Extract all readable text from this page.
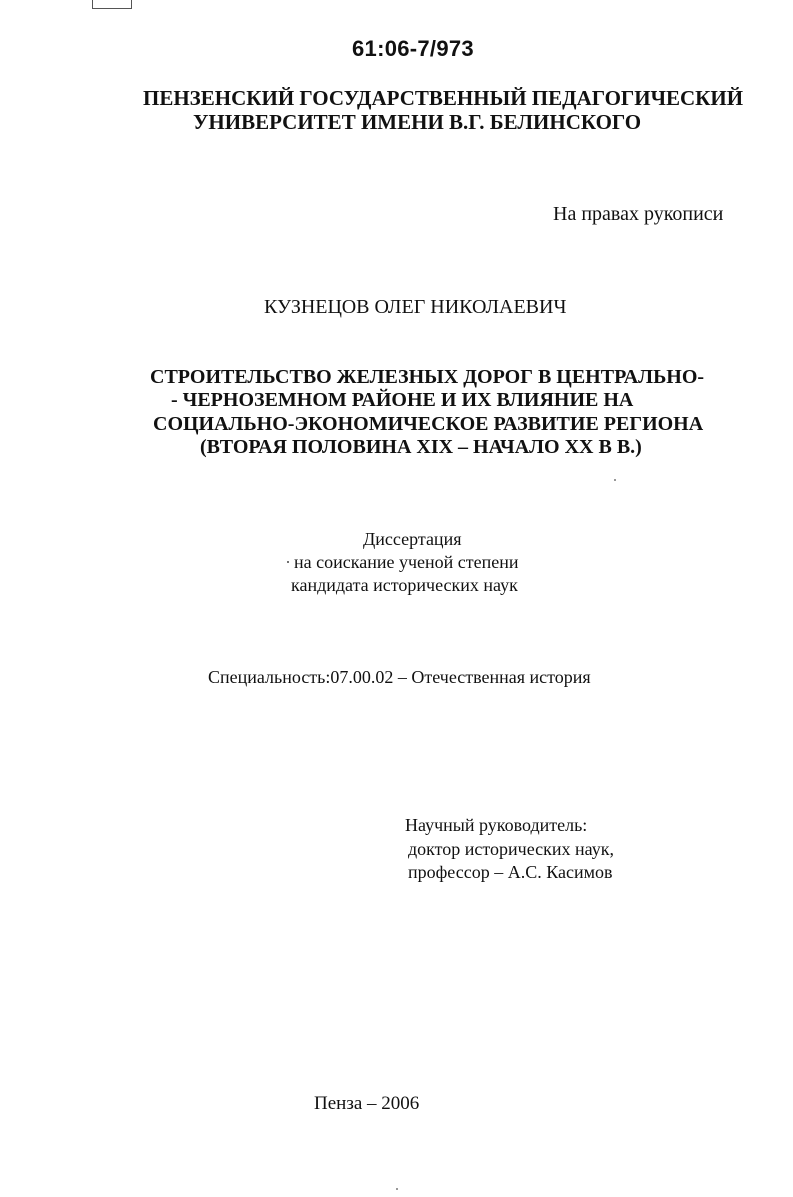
61:06-7/973

ПЕНЗЕНСКИЙ ГОСУДАРСТВЕННЫЙ ПЕДАГОГИЧЕСКИЙ

УНИВЕРСИТЕТ ИМЕНИ В.Г. БЕЛИНСКОГО

На правах рукописи

КУЗНЕЦОВ ОЛЕГ НИКОЛАЕВИЧ

СТРОИТЕЛЬСТВО ЖЕЛЕЗНЫХ ДОРОГ В ЦЕНТРАЛЬНО-

- ЧЕРНОЗЕМНОМ РАЙОНЕ И ИХ ВЛИЯНИЕ НА

СОЦИАЛЬНО-ЭКОНОМИЧЕСКОЕ РАЗВИТИЕ РЕГИОНА

(ВТОРАЯ ПОЛОВИНА XIX – НАЧАЛО XX В В.)

Диссертация

на соискание ученой степени

кандидата исторических наук

Специальность:07.00.02 – Отечественная история

Научный руководитель:

доктор исторических наук,

профессор – А.С. Касимов

Пенза – 2006
